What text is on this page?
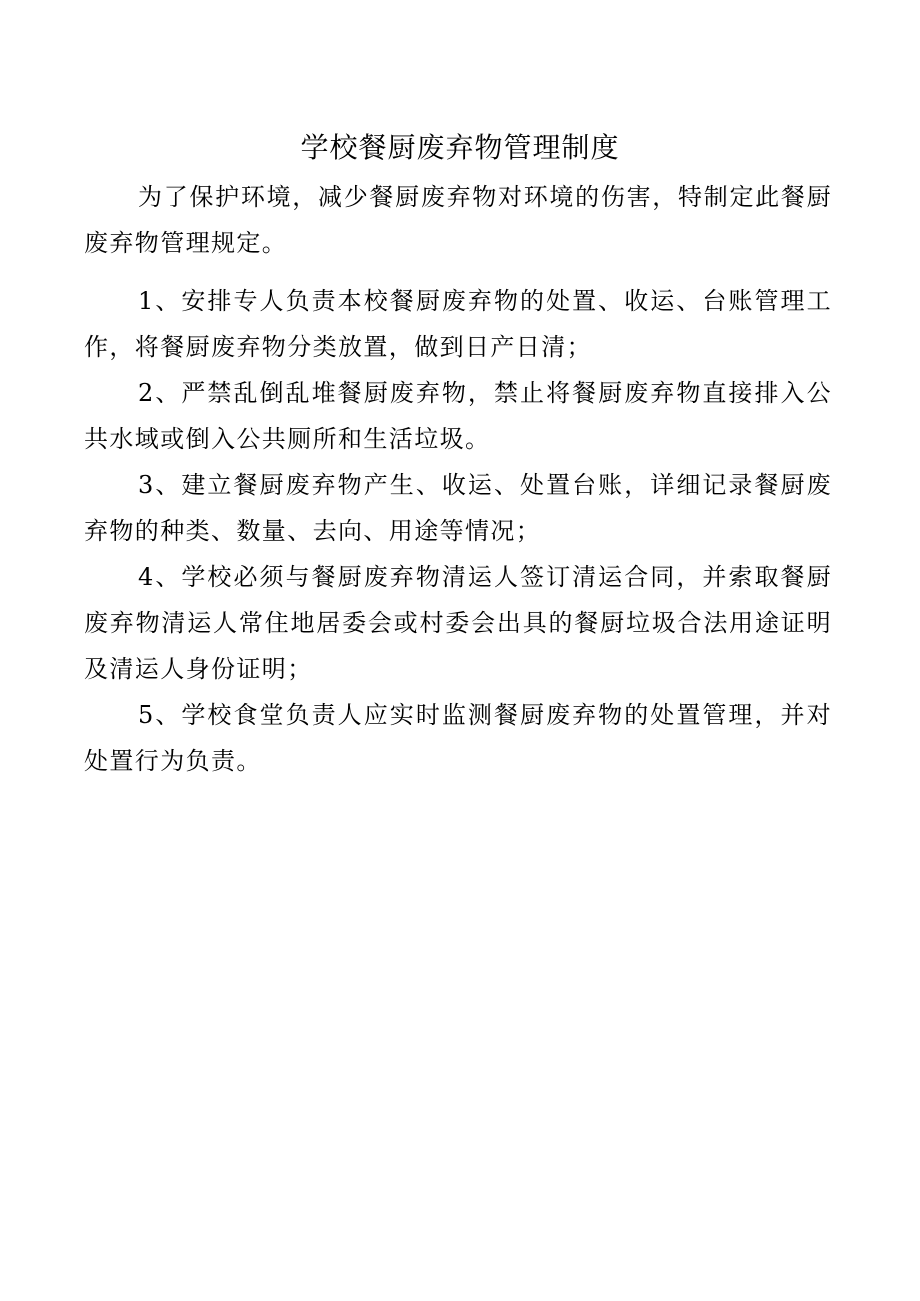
学校餐厨废弃物管理制度

为了保护环境，减少餐厨废弃物对环境的伤害，特制定此餐厨废弃物管理规定。

1、安排专人负责本校餐厨废弃物的处置、收运、台账管理工作，将餐厨废弃物分类放置，做到日产日清；

2、严禁乱倒乱堆餐厨废弃物，禁止将餐厨废弃物直接排入公共水域或倒入公共厕所和生活垃圾。

3、建立餐厨废弃物产生、收运、处置台账，详细记录餐厨废弃物的种类、数量、去向、用途等情况；

4、学校必须与餐厨废弃物清运人签订清运合同，并索取餐厨废弃物清运人常住地居委会或村委会出具的餐厨垃圾合法用途证明及清运人身份证明；

5、学校食堂负责人应实时监测餐厨废弃物的处置管理，并对处置行为负责。
